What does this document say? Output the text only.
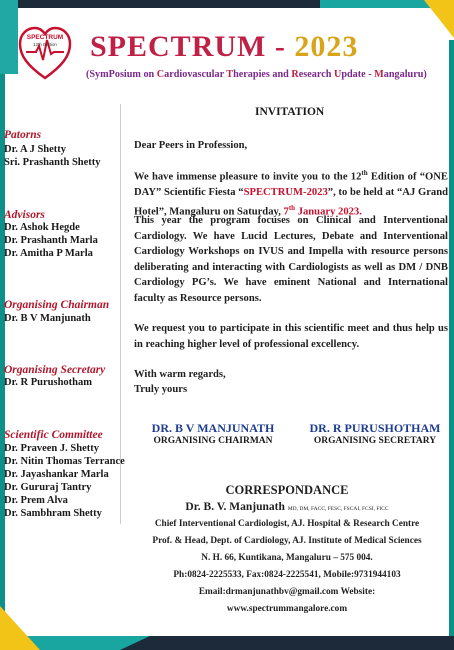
SPECTRUM
12th Edition	SPECTRUM - 2023
(SymPosium on Cardiovascular Therapies and Research Update - Mangaluru)
Patorns
Dr. A J Shetty
Sri. Prashanth Shetty
Advisors
Dr. Ashok Hegde
Dr. Prashanth Marla
Dr. Amitha P Marla
Organising Chairman
Dr. B V Manjunath
Organising Secretary
Dr. R Purushotham
Scientific Committee
Dr. Praveen J. Shetty
Dr. Nitin Thomas Terrance
Dr. Jayashankar Marla
Dr. Gururaj Tantry
Dr. Prem Alva
Dr. Sambhram Shetty
INVITATION
Dear Peers in Profession,
We have immense pleasure to invite you to the 12th Edition of “ONE DAY” Scientific Fiesta “SPECTRUM-2023”, to be held at “AJ Grand Hotel”, Mangaluru on Saturday, 7th January 2023.
This year the program focuses on Clinical and Interventional Cardiology. We have Lucid Lectures, Debate and Interventional Cardiology Workshops on IVUS and Impella with resource persons deliberating and interacting with Cardiologists as well as DM / DNB Cardiology PG’s. We have eminent National and International faculty as Resource persons.
We request you to participate in this scientific meet and thus help us in reaching higher level of professional excellency.
With warm regards,
Truly yours
DR. B V MANJUNATH
ORGANISING CHAIRMAN
DR. R PURUSHOTHAM
ORGANISING SECRETARY
CORRESPONDANCE
Dr. B. V. Manjunath MD, DM, FACC, FESC, FSCAI, FCSI, FICC
Chief Interventional Cardiologist, AJ. Hospital & Research Centre
Prof. & Head, Dept. of Cardiology, AJ. Institute of Medical Sciences
N. H. 66, Kuntikana, Mangaluru – 575 004.
Ph:0824-2225533, Fax:0824-2225541, Mobile:9731944103
Email:drmanjunathbv@gmail.com Website:
www.spectrummangalore.com
